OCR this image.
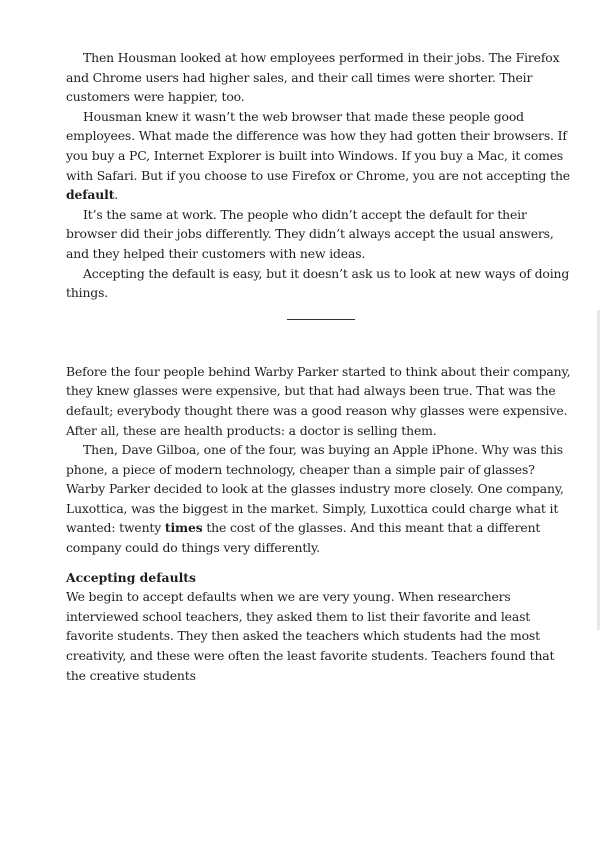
Then Housman looked at how employees performed in their jobs. The Firefox and Chrome users had higher sales, and their call times were shorter. Their customers were happier, too.

Housman knew it wasn’t the web browser that made these people good employees. What made the difference was how they had gotten their browsers. If you buy a PC, Internet Explorer is built into Windows. If you buy a Mac, it comes with Safari. But if you choose to use Firefox or Chrome, you are not accepting the default.

It’s the same at work. The people who didn’t accept the default for their browser did their jobs differently. They didn’t always accept the usual answers, and they helped their customers with new ideas.

Accepting the default is easy, but it doesn’t ask us to look at new ways of doing things.

Before the four people behind Warby Parker started to think about their company, they knew glasses were expensive, but that had always been true. That was the default; everybody thought there was a good reason why glasses were expensive. After all, these are health products: a doctor is selling them.

Then, Dave Gilboa, one of the four, was buying an Apple iPhone. Why was this phone, a piece of modern technology, cheaper than a simple pair of glasses? Warby Parker decided to look at the glasses industry more closely. One company, Luxottica, was the biggest in the market. Simply, Luxottica could charge what it wanted: twenty times the cost of the glasses. And this meant that a different company could do things very differently.

Accepting defaults

We begin to accept defaults when we are very young. When researchers interviewed school teachers, they asked them to list their favorite and least favorite students. They then asked the teachers which students had the most creativity, and these were often the least favorite students. Teachers found that the creative students
